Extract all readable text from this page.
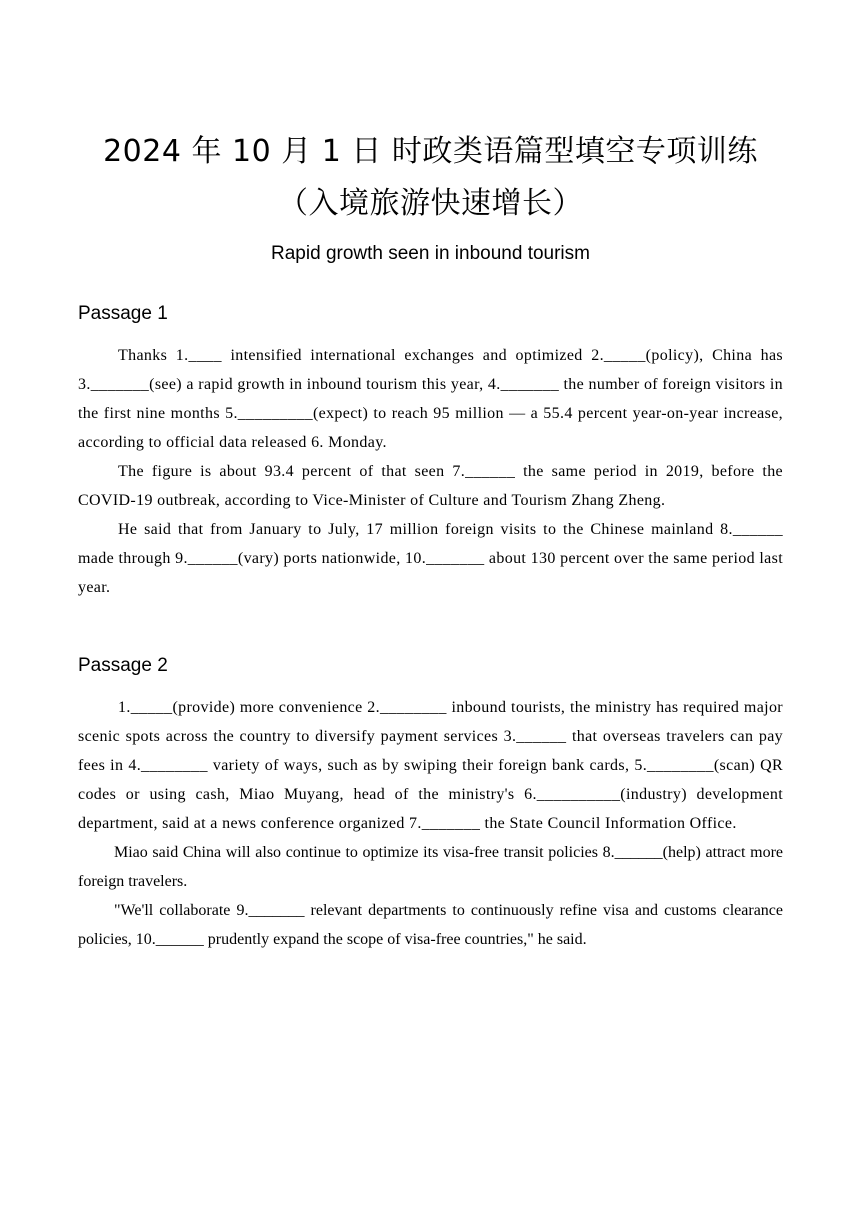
2024 年 10 月 1 日 时政类语篇型填空专项训练（入境旅游快速增长）
Rapid growth seen in inbound tourism
Passage 1

Thanks 1.____ intensified international exchanges and optimized 2._____(policy), China has 3._______(see) a rapid growth in inbound tourism this year, 4._______ the number of foreign visitors in the first nine months 5._________(expect) to reach 95 million — a 55.4 percent year-on-year increase, according to official data released 6. Monday.

The figure is about 93.4 percent of that seen 7.______ the same period in 2019, before the COVID-19 outbreak, according to Vice-Minister of Culture and Tourism Zhang Zheng.

He said that from January to July, 17 million foreign visits to the Chinese mainland 8.______ made through 9.______(vary) ports nationwide, 10._______ about 130 percent over the same period last year.

Passage 2

1._____(provide) more convenience 2.________ inbound tourists, the ministry has required major scenic spots across the country to diversify payment services 3.______ that overseas travelers can pay fees in 4.________ variety of ways, such as by swiping their foreign bank cards, 5.________(scan) QR codes or using cash, Miao Muyang, head of the ministry's 6.__________(industry) development department, said at a news conference organized 7._______ the State Council Information Office.

Miao said China will also continue to optimize its visa-free transit policies 8.______(help) attract more foreign travelers.

"We'll collaborate 9._______ relevant departments to continuously refine visa and customs clearance policies, 10.______ prudently expand the scope of visa-free countries," he said.
